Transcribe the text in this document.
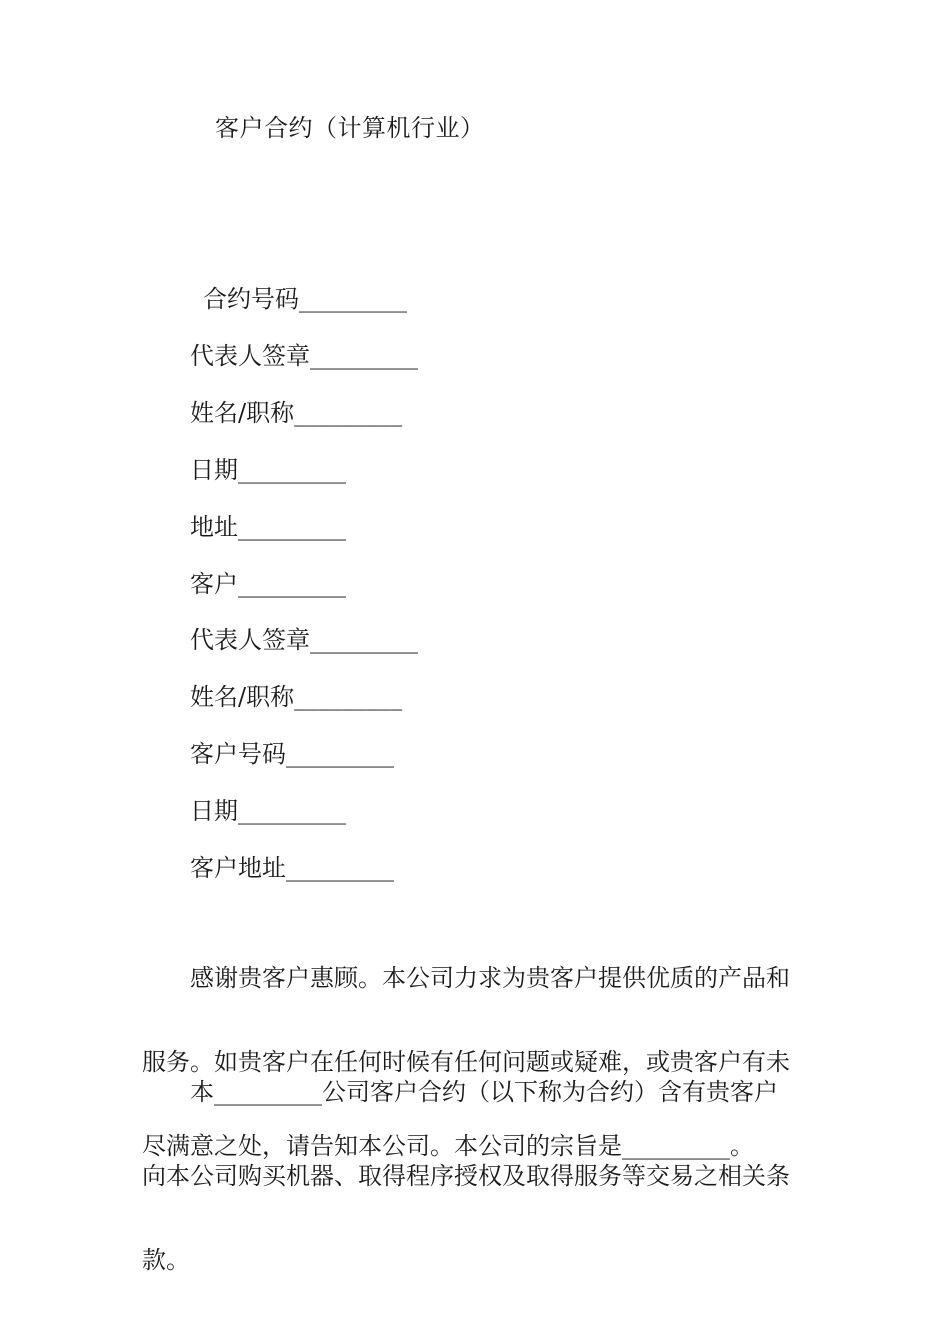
客户合约（计算机行业）
合约号码_________
代表人签章_________
姓名/职称_________
日期_________
地址_________
客户_________
代表人签章_________
姓名/职称_________
客户号码_________
日期_________
客户地址_________

感谢贵客户惠顾。本公司力求为贵客户提供优质的产品和

服务。如贵客户在任何时候有任何问题或疑难，或贵客户有未

尽满意之处，请告知本公司。本公司的宗旨是_________。

本_________公司客户合约（以下称为合约）含有贵客户

向本公司购买机器、取得程序授权及取得服务等交易之相关条

款。
